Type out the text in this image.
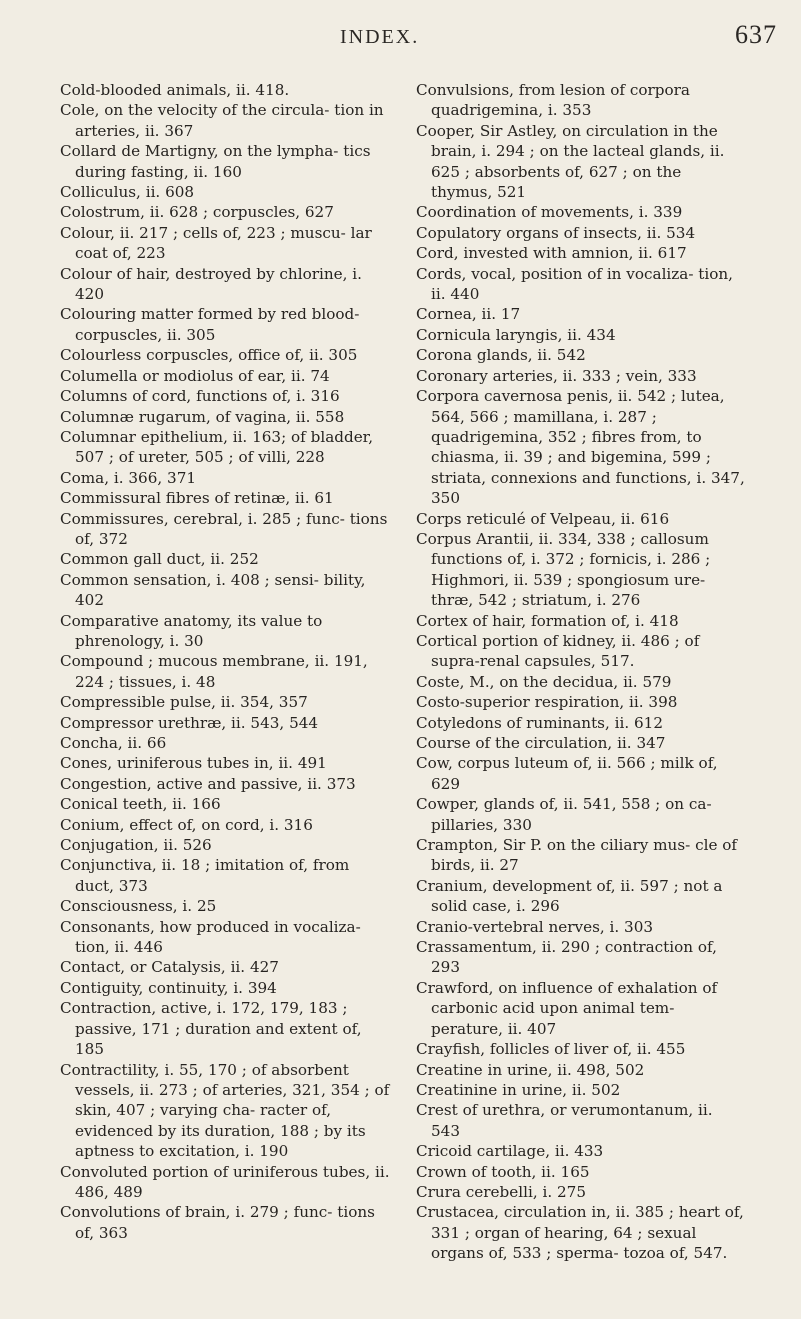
INDEX.	637

Cold-blooded animals, ii. 418.

Cole, on the velocity of the circula- tion in arteries, ii. 367

Collard de Martigny, on the lympha- tics during fasting, ii. 160

Colliculus, ii. 608

Colostrum, ii. 628 ; corpuscles, 627

Colour, ii. 217 ; cells of, 223 ; muscu- lar coat of, 223

Colour of hair, destroyed by chlorine, i. 420

Colouring matter formed by red blood-corpuscles, ii. 305

Colourless corpuscles, office of, ii. 305

Columella or modiolus of ear, ii. 74

Columns of cord, functions of, i. 316

Columnæ rugarum, of vagina, ii. 558

Columnar epithelium, ii. 163; of bladder, 507 ; of ureter, 505 ; of villi, 228

Coma, i. 366, 371

Commissural fibres of retinæ, ii. 61

Commissures, cerebral, i. 285 ; func- tions of, 372

Common gall duct, ii. 252

Common sensation, i. 408 ; sensi- bility, 402

Comparative anatomy, its value to phrenology, i. 30

Compound ; mucous membrane, ii. 191, 224 ; tissues, i. 48

Compressible pulse, ii. 354, 357

Compressor urethræ, ii. 543, 544

Concha, ii. 66

Cones, uriniferous tubes in, ii. 491

Congestion, active and passive, ii. 373

Conical teeth, ii. 166

Conium, effect of, on cord, i. 316

Conjugation, ii. 526

Conjunctiva, ii. 18 ; imitation of, from duct, 373

Consciousness, i. 25

Consonants, how produced in vocaliza- tion, ii. 446

Contact, or Catalysis, ii. 427

Contiguity, continuity, i. 394

Contraction, active, i. 172, 179, 183 ; passive, 171 ; duration and extent of, 185

Contractility, i. 55, 170 ; of absorbent vessels, ii. 273 ; of arteries, 321, 354 ; of skin, 407 ; varying cha- racter of, evidenced by its duration, 188 ; by its aptness to excitation, i. 190

Convoluted portion of uriniferous tubes, ii. 486, 489

Convolutions of brain, i. 279 ; func- tions of, 363

Convulsions, from lesion of corpora quadrigemina, i. 353

Cooper, Sir Astley, on circulation in the brain, i. 294 ; on the lacteal glands, ii. 625 ; absorbents of, 627 ; on the thymus, 521

Coordination of movements, i. 339

Copulatory organs of insects, ii. 534

Cord, invested with amnion, ii. 617

Cords, vocal, position of in vocaliza- tion, ii. 440

Cornea, ii. 17

Cornicula laryngis, ii. 434

Corona glands, ii. 542

Coronary arteries, ii. 333 ; vein, 333

Corpora cavernosa penis, ii. 542 ; lutea, 564, 566 ; mamillana, i. 287 ; quadrigemina, 352 ; fibres from, to chiasma, ii. 39 ; and bigemina, 599 ; striata, connexions and functions, i. 347, 350

Corps reticulé of Velpeau, ii. 616

Corpus Arantii, ii. 334, 338 ; callosum functions of, i. 372 ; fornicis, i. 286 ; Highmori, ii. 539 ; spongiosum ure- thræ, 542 ; striatum, i. 276

Cortex of hair, formation of, i. 418

Cortical portion of kidney, ii. 486 ; of supra-renal capsules, 517.

Coste, M., on the decidua, ii. 579

Costo-superior respiration, ii. 398

Cotyledons of ruminants, ii. 612

Course of the circulation, ii. 347

Cow, corpus luteum of, ii. 566 ; milk of, 629

Cowper, glands of, ii. 541, 558 ; on ca- pillaries, 330

Crampton, Sir P. on the ciliary mus- cle of birds, ii. 27

Cranium, development of, ii. 597 ; not a solid case, i. 296

Cranio-vertebral nerves, i. 303

Crassamentum, ii. 290 ; contraction of, 293

Crawford, on influence of exhalation of carbonic acid upon animal tem- perature, ii. 407

Crayfish, follicles of liver of, ii. 455

Creatine in urine, ii. 498, 502

Creatinine in urine, ii. 502

Crest of urethra, or verumontanum, ii. 543

Cricoid cartilage, ii. 433

Crown of tooth, ii. 165

Crura cerebelli, i. 275

Crustacea, circulation in, ii. 385 ; heart of, 331 ; organ of hearing, 64 ; sexual organs of, 533 ; sperma- tozoa of, 547.
